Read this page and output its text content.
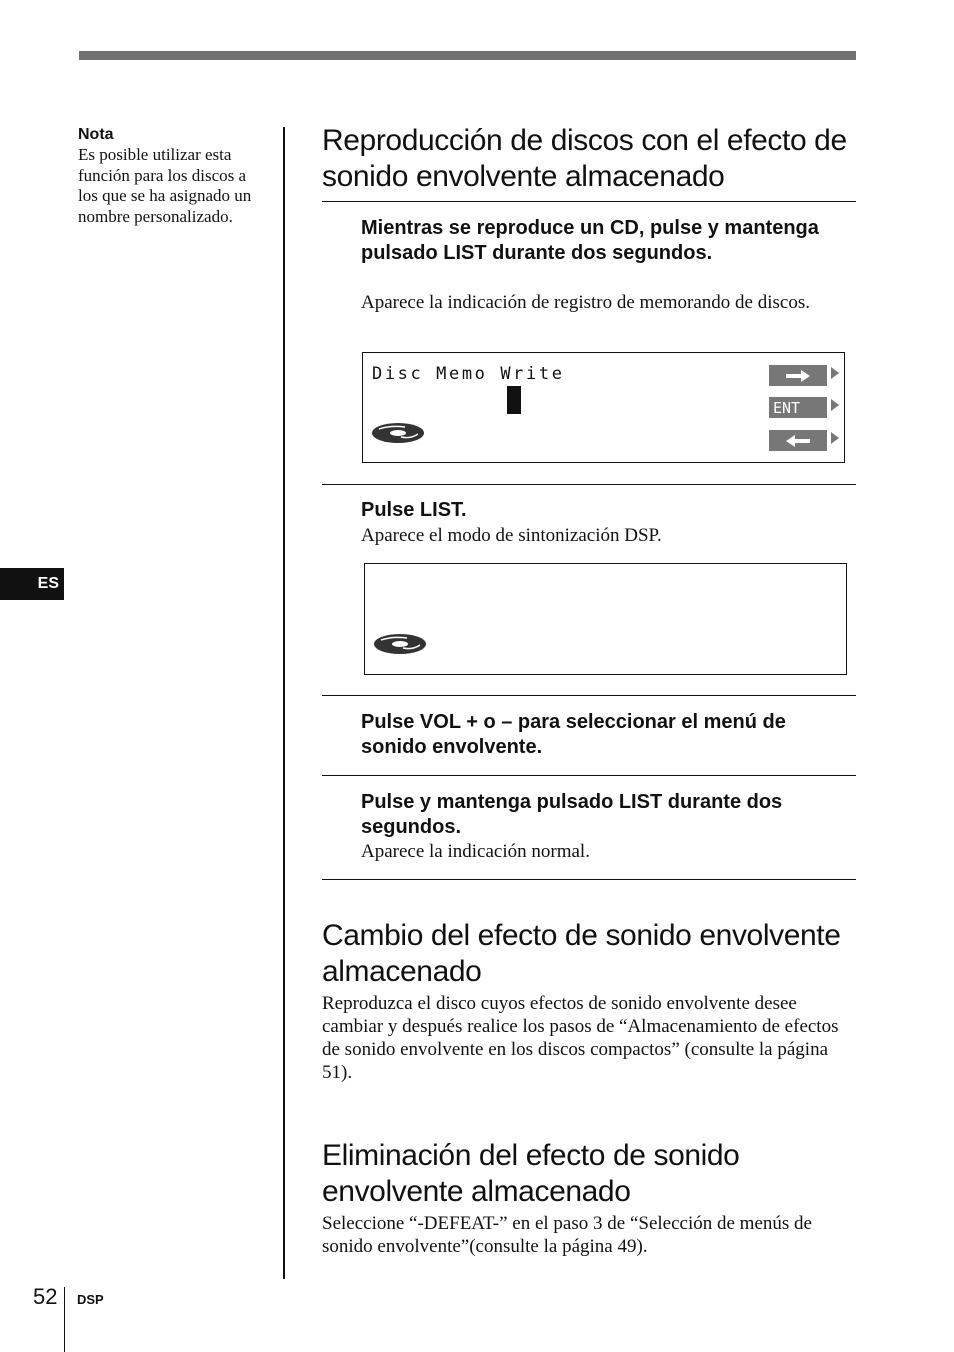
Nota
Es posible utilizar esta función para los discos a los que se ha asignado un nombre personalizado.
ES
Reproducción de discos con el efecto de sonido envolvente almacenado
Mientras se reproduce un CD, pulse y mantenga pulsado LIST durante dos segundos.
Aparece la indicación de registro de memorando de discos.
Disc Memo Write
ENT
Pulse LIST.
Aparece el modo de sintonización DSP.
Pulse VOL + o – para seleccionar el menú de sonido envolvente.
Pulse y mantenga pulsado LIST durante dos segundos.
Aparece la indicación normal.
Cambio del efecto de sonido envolvente almacenado
Reproduzca el disco cuyos efectos de sonido envolvente desee cambiar y después realice los pasos de “Almacenamiento de efectos de sonido envolvente en los discos compactos” (consulte la página 51).
Eliminación del efecto de sonido envolvente almacenado
Seleccione “-DEFEAT-” en el paso 3 de “Selección de menús de sonido envolvente”(consulte la página 49).
52 DSP
